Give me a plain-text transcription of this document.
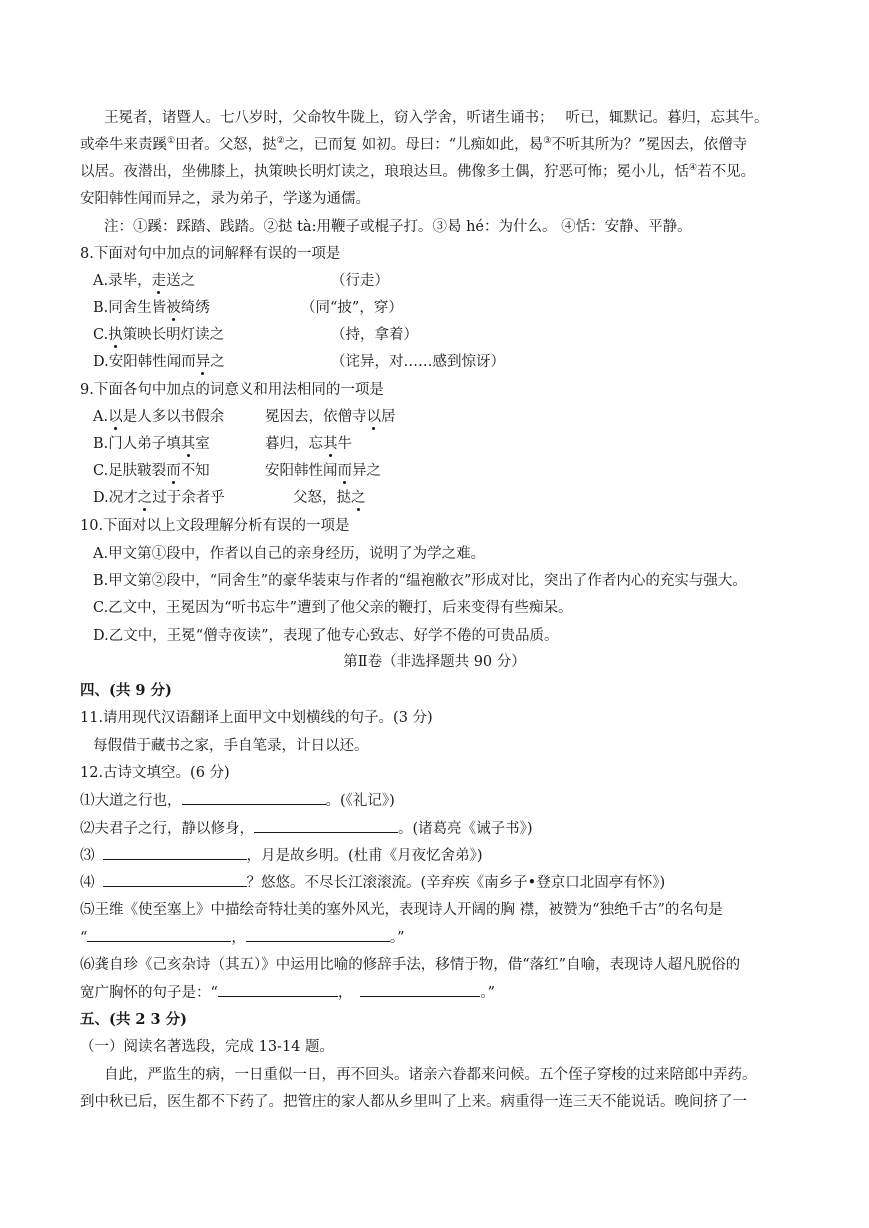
王冕者，诸暨人。七八岁时，父命牧牛陇上，窃入学舍，听诸生诵书； 听已，辄默记。暮归，忘其牛。
或牵牛来责蹊①田者。父怒，挞②之，已而复 如初。母曰：“儿痴如此，曷③不听其所为？”冕因去，依僧寺
以居。夜潜出，坐佛膝上，执策映长明灯读之，琅琅达旦。佛像多土偶，狞恶可怖；冕小儿，恬④若不见。
安阳韩性闻而异之，录为弟子，学遂为通儒。
注：①蹊：踩踏、践踏。②挞 tà:用鞭子或棍子打。③曷 hé：为什么。 ④恬：安静、平静。
8.下面对句中加点的词解释有误的一项是
A.录毕，走送之	（行走）
B.同舍生皆被绮绣	（同“披”，穿）
C.执策映长明灯读之	（持，拿着）
D.安阳韩性闻而异之	（诧异，对……感到惊讶）
9.下面各句中加点的词意义和用法相同的一项是
A.以是人多以书假余	冕因去，依僧寺以居
B.门人弟子填其室	暮归，忘其牛
C.足肤皲裂而不知	安阳韩性闻而异之
D.况才之过于余者乎	父怒，挞之
10.下面对以上文段理解分析有误的一项是
A.甲文第①段中，作者以自己的亲身经历，说明了为学之难。
B.甲文第②段中，“同舍生”的豪华装束与作者的“缊袍敝衣”形成对比，突出了作者内心的充实与强大。
C.乙文中，王冕因为“听书忘牛”遭到了他父亲的鞭打，后来变得有些痴呆。
D.乙文中，王冕“僧寺夜读”，表现了他专心致志、好学不倦的可贵品质。
第Ⅱ卷（非选择题共 90 分）
四、(共 9 分)
11.请用现代汉语翻译上面甲文中划横线的句子。(3 分)
每假借于藏书之家，手自笔录，计日以还。
12.古诗文填空。(6 分)
⑴大道之行也，	。(《礼记》)
⑵夫君子之行，静以修身，	。(诸葛亮《诫子书》)
⑶	，月是故乡明。(杜甫《月夜忆舍弟》)
⑷	？悠悠。不尽长江滚滚流。(辛弃疾《南乡子•登京口北固亭有怀》)
⑸王维《使至塞上》中描绘奇特壮美的塞外风光，表现诗人开阔的胸 襟，被赞为“独绝千古”的名句是
“	，	。”
⑹龚自珍《己亥杂诗（其五）》中运用比喻的修辞手法，移情于物，借“落红”自喻，表现诗人超凡脱俗的
宽广胸怀的句子是：“	，	。”
五、(共 2 3 分)
（一）阅读名著选段，完成 13-14 题。
自此，严监生的病，一日重似一日，再不回头。诸亲六眷都来问候。五个侄子穿梭的过来陪郎中弄药。
到中秋已后，医生都不下药了。把管庄的家人都从乡里叫了上来。病重得一连三天不能说话。晚间挤了一
